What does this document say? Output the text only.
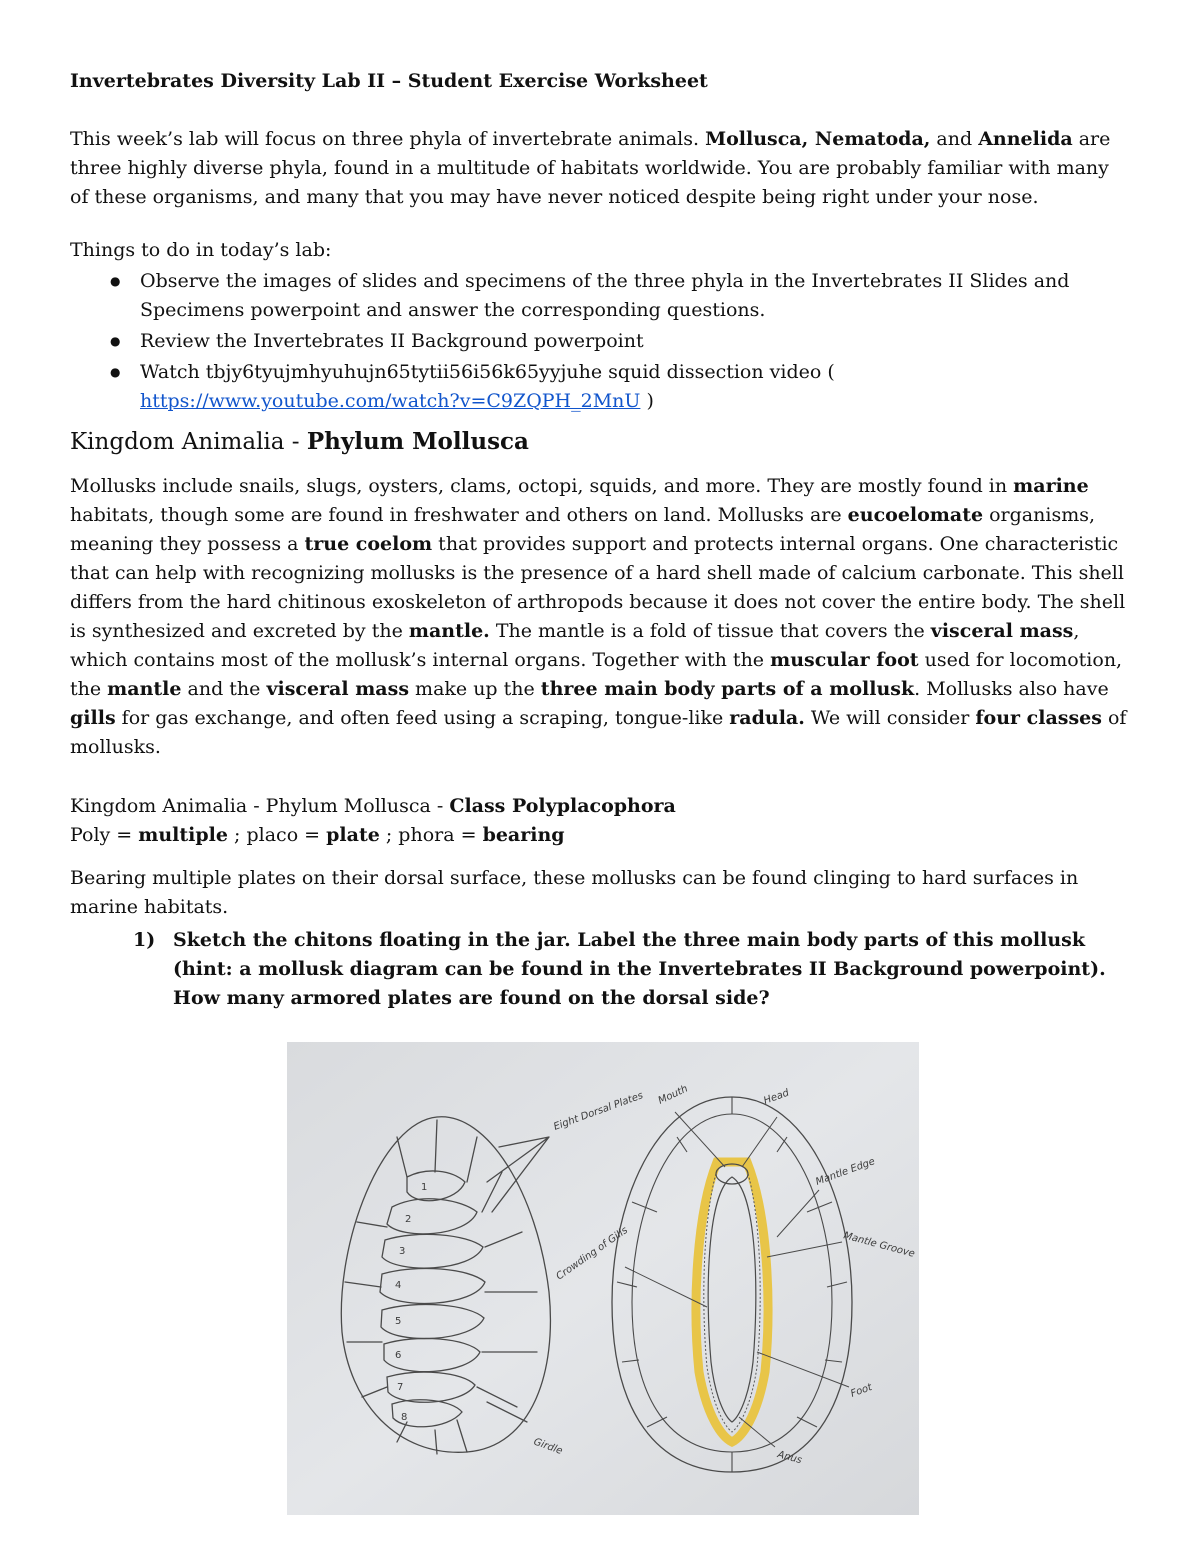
Invertebrates Diversity Lab II – Student Exercise Worksheet

This week’s lab will focus on three phyla of invertebrate animals. Mollusca, Nematoda, and Annelida are three highly diverse phyla, found in a multitude of habitats worldwide. You are probably familiar with many of these organisms, and many that you may have never noticed despite being right under your nose.

Things to do in today’s lab:

● Observe the images of slides and specimens of the three phyla in the Invertebrates II Slides and Specimens powerpoint and answer the corresponding questions.
● Review the Invertebrates II Background powerpoint
● Watch tbjy6tyujmhyuhujn65tytii56i56k65yyjuhe squid dissection video ( https://www.youtube.com/watch?v=C9ZQPH_2MnU )
Kingdom Animalia - Phylum Mollusca

Mollusks include snails, slugs, oysters, clams, octopi, squids, and more. They are mostly found in marine habitats, though some are found in freshwater and others on land. Mollusks are eucoelomate organisms, meaning they possess a true coelom that provides support and protects internal organs. One characteristic that can help with recognizing mollusks is the presence of a hard shell made of calcium carbonate. This shell differs from the hard chitinous exoskeleton of arthropods because it does not cover the entire body. The shell is synthesized and excreted by the mantle. The mantle is a fold of tissue that covers the visceral mass, which contains most of the mollusk’s internal organs. Together with the muscular foot used for locomotion, the mantle and the visceral mass make up the three main body parts of a mollusk. Mollusks also have gills for gas exchange, and often feed using a scraping, tongue-like radula. We will consider four classes of mollusks.

Kingdom Animalia - Phylum Mollusca - Class Polyplacophora

Poly = multiple ; placo = plate ; phora = bearing

Bearing multiple plates on their dorsal surface, these mollusks can be found clinging to hard surfaces in marine habitats.

1) Sketch the chitons floating in the jar. Label the three main body parts of this mollusk (hint: a mollusk diagram can be found in the Invertebrates II Background powerpoint). How many armored plates are found on the dorsal side?
1
2
3
4
5
6
7
8
Eight Dorsal Plates
Girdle
Mouth	Head
Mantle Edge
Mantle Groove
Crowding of Gills
Foot
Anus
